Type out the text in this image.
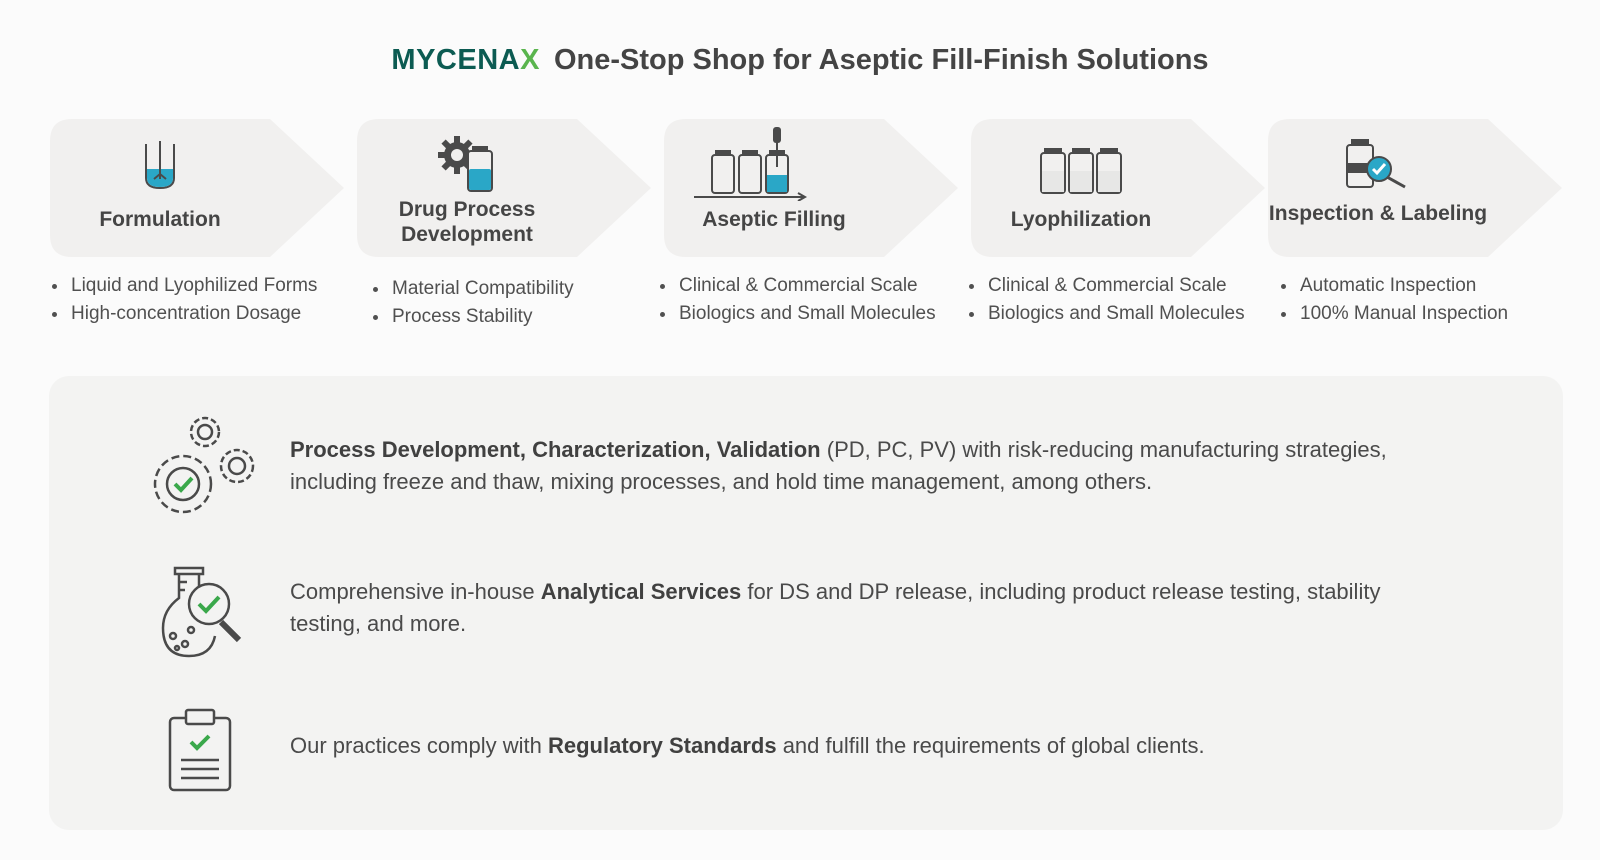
MYCENAX One-Stop Shop for Aseptic Fill-Finish Solutions
Formulation
• Liquid and Lyophilized Forms
• High-concentration Dosage
Drug Process
Development
• Material Compatibility
• Process Stability
Aseptic Filling
• Clinical & Commercial Scale
• Biologics and Small Molecules
Lyophilization
• Clinical & Commercial Scale
• Biologics and Small Molecules
Inspection & Labeling
• Automatic Inspection
• 100% Manual Inspection
Process Development, Characterization, Validation (PD, PC, PV) with risk-reducing manufacturing strategies, including freeze and thaw, mixing processes, and hold time management, among others.
Comprehensive in-house Analytical Services for DS and DP release, including product release testing, stability testing, and more.
Our practices comply with Regulatory Standards and fulfill the requirements of global clients.
